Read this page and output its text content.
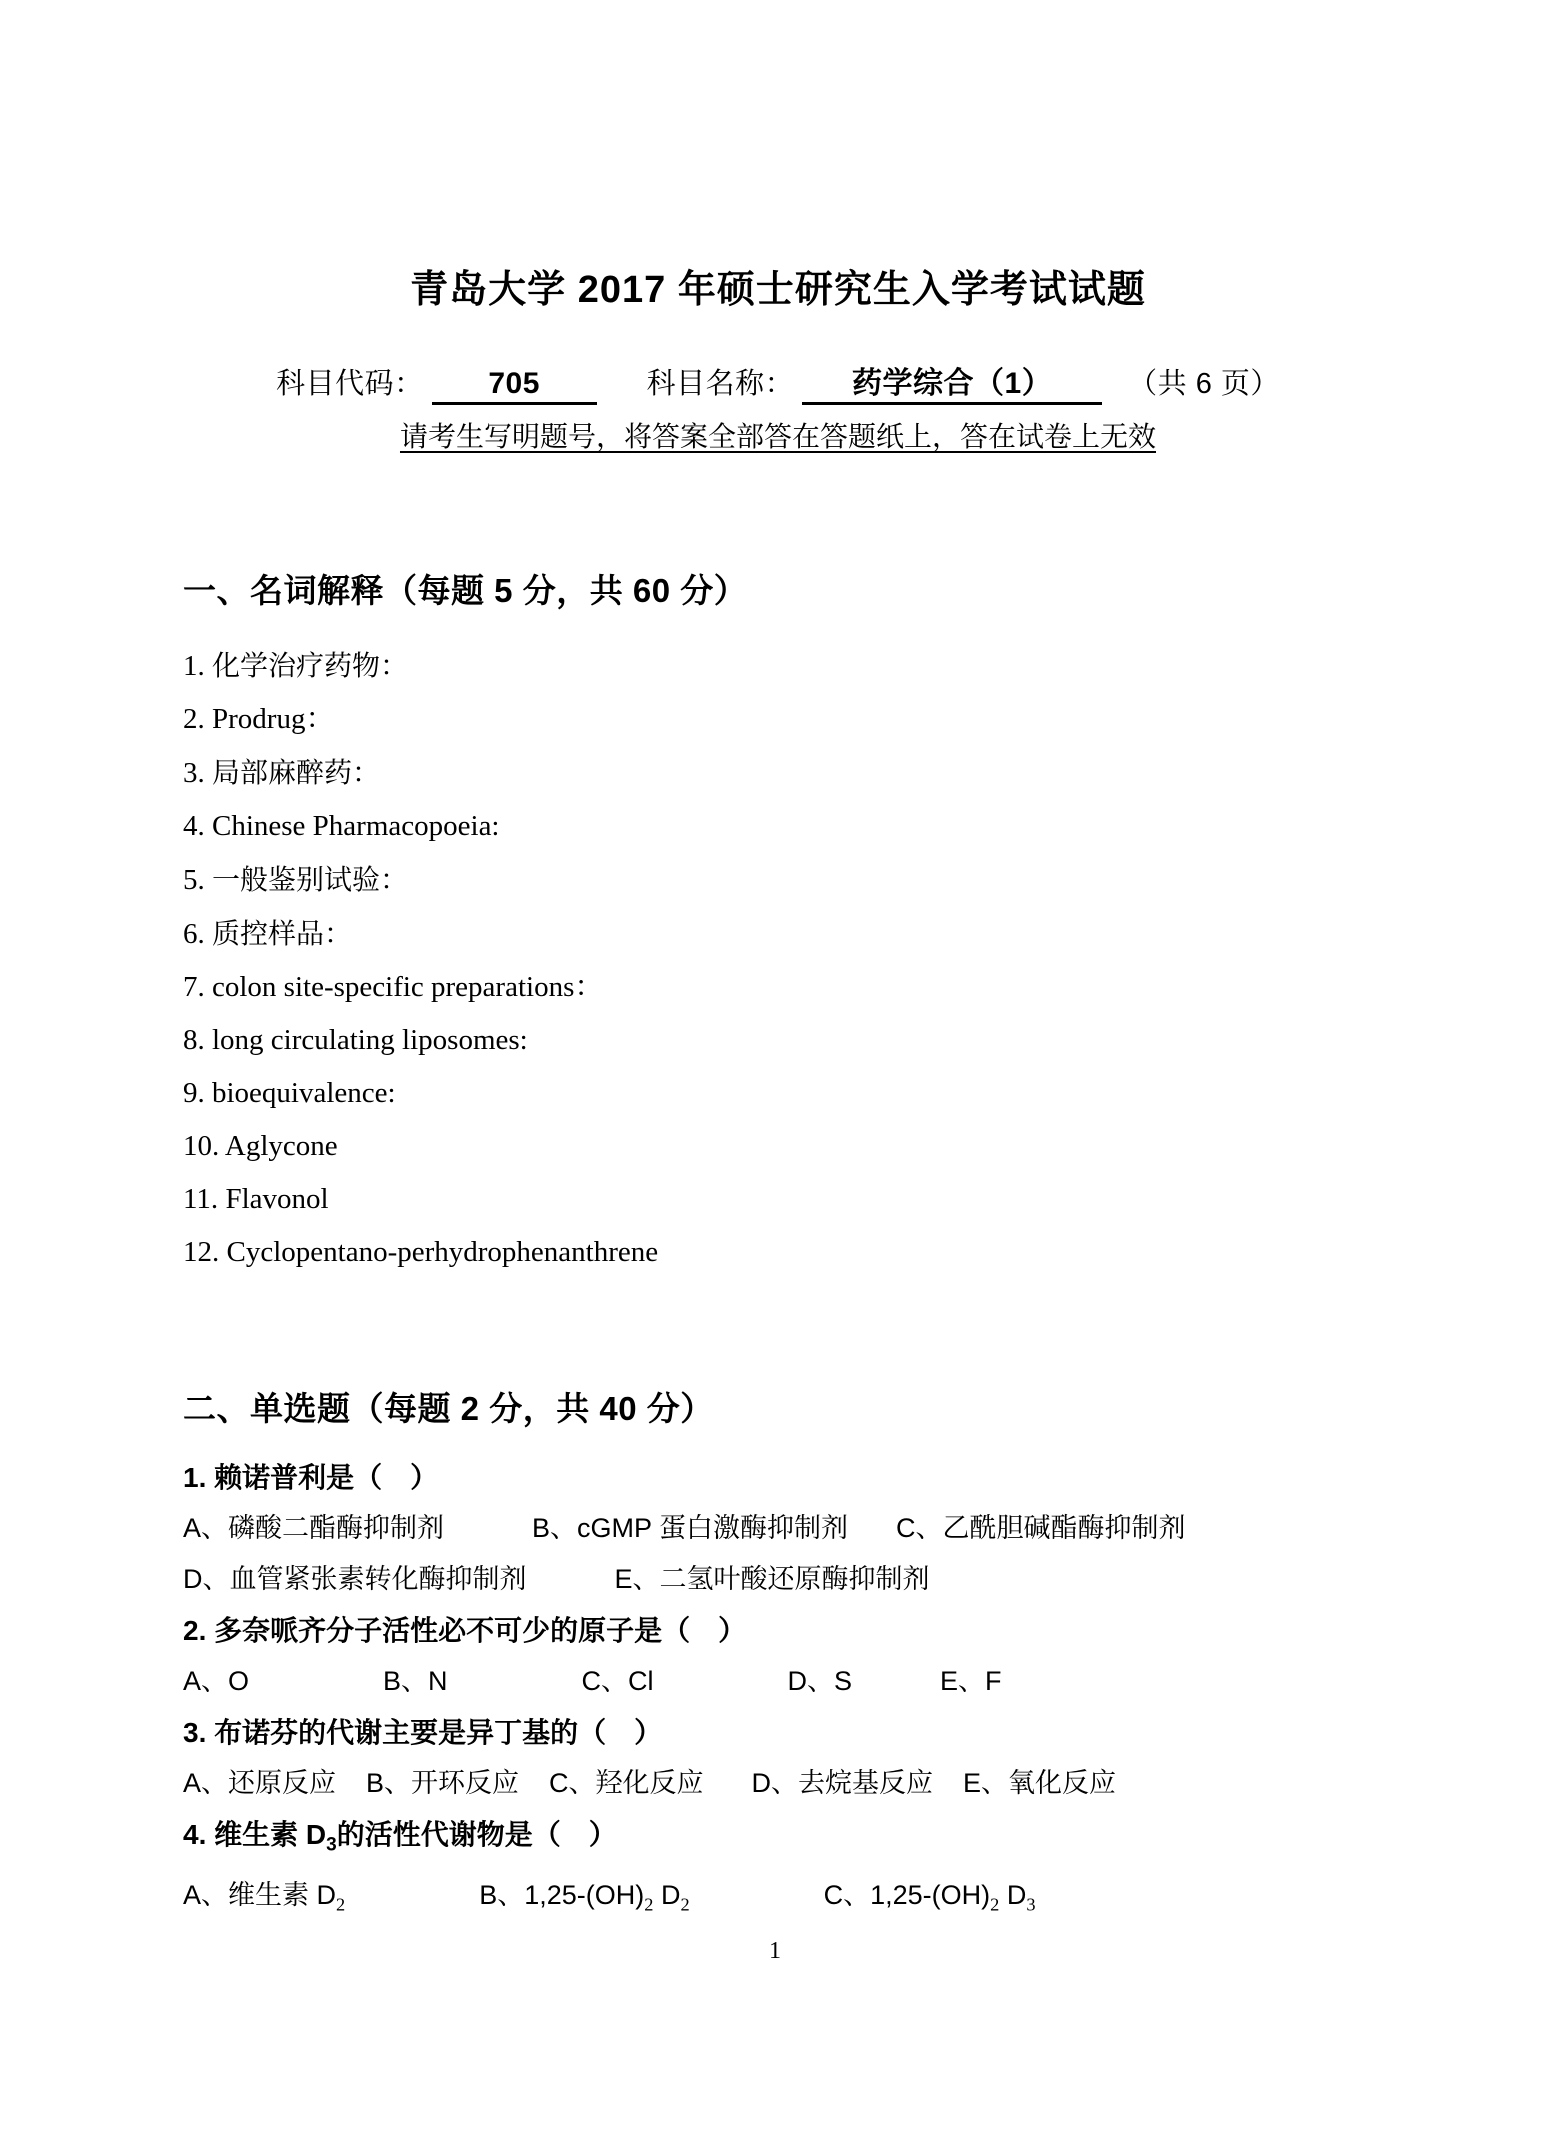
青岛大学 2017 年硕士研究生入学考试试题
科目代码： 705	科目名称： 药学综合（1）	（共 6 页）
请考生写明题号，将答案全部答在答题纸上，答在试卷上无效
一、名词解释（每题 5 分，共 60 分）
1. 化学治疗药物：
2. Prodrug：
3. 局部麻醉药：
4. Chinese Pharmacopoeia:
5. 一般鉴别试验：
6. 质控样品：
7. colon site-specific preparations：
8. long circulating liposomes:
9. bioequivalence:
10. Aglycone
11. Flavonol
12. Cyclopentano-perhydrophenanthrene
二、单选题（每题 2 分，共 40 分）
1. 赖诺普利是（　）
A、磷酸二酯酶抑制剂	B、cGMP 蛋白激酶抑制剂 C、乙酰胆碱酯酶抑制剂
D、血管紧张素转化酶抑制剂	E、二氢叶酸还原酶抑制剂
2. 多奈哌齐分子活性必不可少的原子是（　）
A、O	B、N	C、Cl	D、S	E、F
3. 布诺芬的代谢主要是异丁基的（　）
A、还原反应 B、开环反应 C、羟化反应 D、去烷基反应 E、氧化反应
4. 维生素 $D_3$的活性代谢物是（　）
A、维生素 $D_2$	B、$1,25-(OH)_2$ $D_2$	C、$1,25-(OH)_2$ $D_3$
1
